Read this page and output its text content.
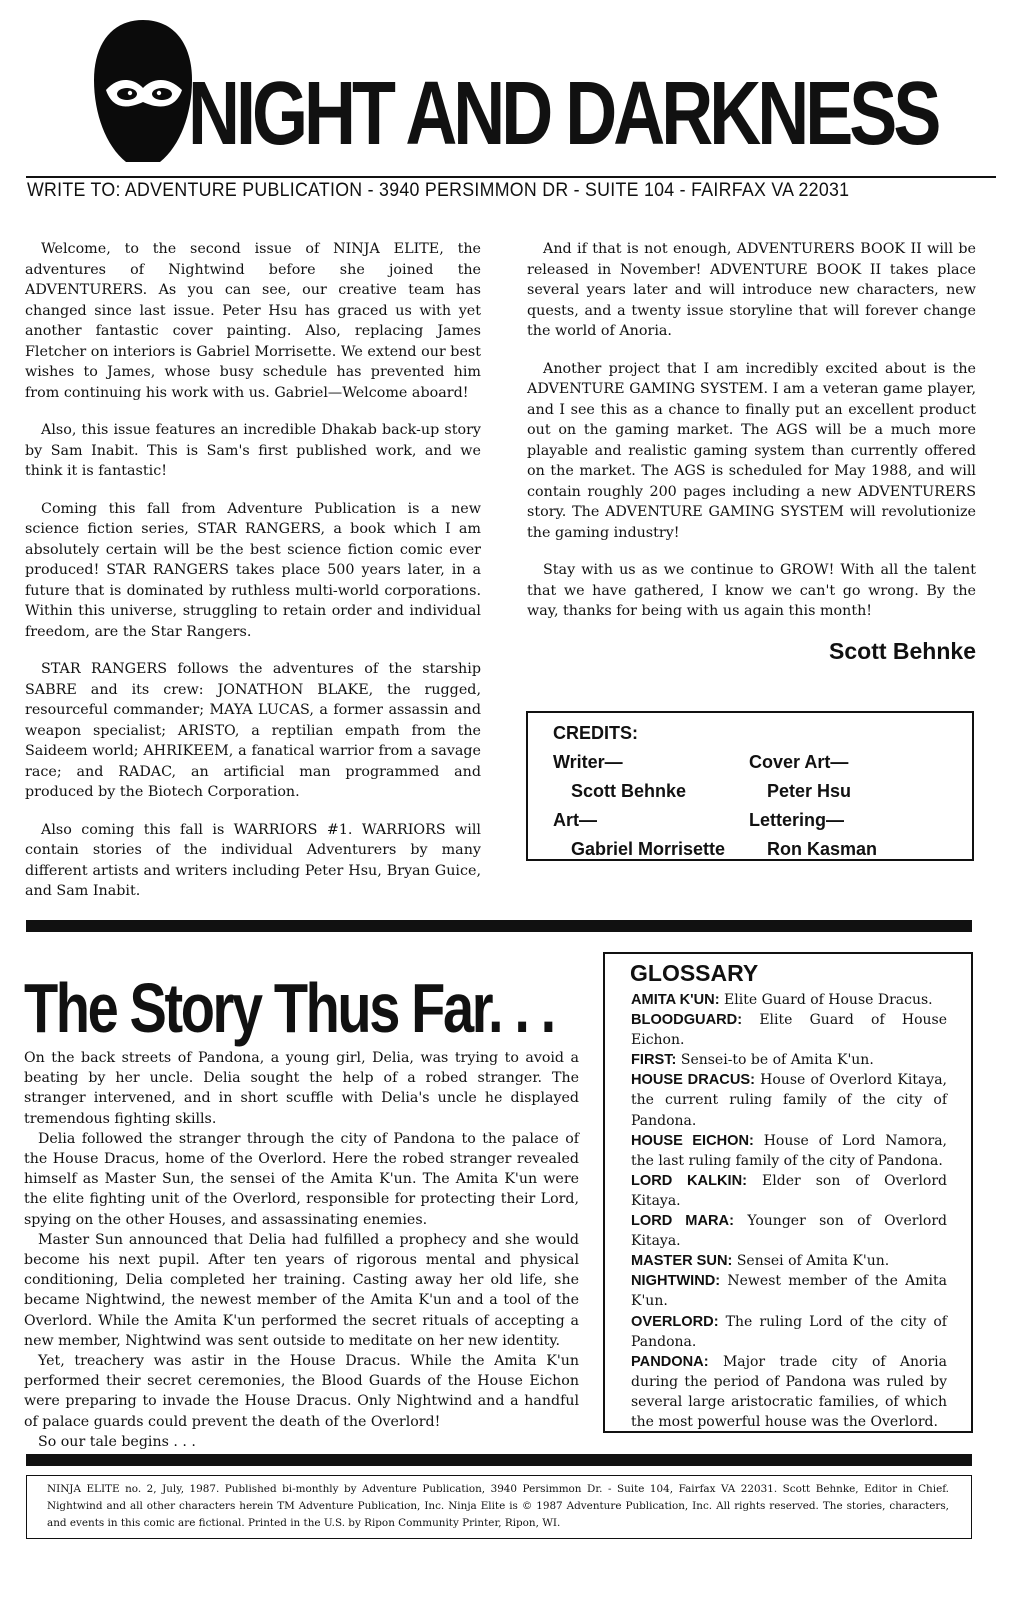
NIGHT AND DARKNESS
WRITE TO: ADVENTURE PUBLICATION - 3940 PERSIMMON DR - SUITE 104 - FAIRFAX VA 22031

Welcome, to the second issue of NINJA ELITE, the adventures of Nightwind before she joined the ADVENTURERS. As you can see, our creative team has changed since last issue. Peter Hsu has graced us with yet another fantastic cover painting. Also, replacing James Fletcher on interiors is Gabriel Morrisette. We extend our best wishes to James, whose busy schedule has prevented him from continuing his work with us. Gabriel—Welcome aboard!

Also, this issue features an incredible Dhakab back-up story by Sam Inabit. This is Sam's first published work, and we think it is fantastic!

Coming this fall from Adventure Publication is a new science fiction series, STAR RANGERS, a book which I am absolutely certain will be the best science fiction comic ever produced! STAR RANGERS takes place 500 years later, in a future that is dominated by ruthless multi-world corporations. Within this universe, struggling to retain order and individual freedom, are the Star Rangers.

STAR RANGERS follows the adventures of the starship SABRE and its crew: JONATHON BLAKE, the rugged, resourceful commander; MAYA LUCAS, a former assassin and weapon specialist; ARISTO, a reptilian empath from the Saideem world; AHRIKEEM, a fanatical warrior from a savage race; and RADAC, an artificial man programmed and produced by the Biotech Corporation.

Also coming this fall is WARRIORS #1. WARRIORS will contain stories of the individual Adventurers by many different artists and writers including Peter Hsu, Bryan Guice, and Sam Inabit.

And if that is not enough, ADVENTURERS BOOK II will be released in November! ADVENTURE BOOK II takes place several years later and will introduce new characters, new quests, and a twenty issue storyline that will forever change the world of Anoria.

Another project that I am incredibly excited about is the ADVENTURE GAMING SYSTEM. I am a veteran game player, and I see this as a chance to finally put an excellent product out on the gaming market. The AGS will be a much more playable and realistic gaming system than currently offered on the market. The AGS is scheduled for May 1988, and will contain roughly 200 pages including a new ADVENTURERS story. The ADVENTURE GAMING SYSTEM will revolutionize the gaming industry!

Stay with us as we continue to GROW! With all the talent that we have gathered, I know we can't go wrong. By the way, thanks for being with us again this month!

Scott Behnke
CREDITS:
Writer—
Scott Behnke
Art—
Gabriel Morrisette
Cover Art—
Peter Hsu
Lettering—
Ron Kasman
The Story Thus Far. . .

On the back streets of Pandona, a young girl, Delia, was trying to avoid a beating by her uncle. Delia sought the help of a robed stranger. The stranger intervened, and in short scuffle with Delia's uncle he displayed tremendous fighting skills.

Delia followed the stranger through the city of Pandona to the palace of the House Dracus, home of the Overlord. Here the robed stranger revealed himself as Master Sun, the sensei of the Amita K'un. The Amita K'un were the elite fighting unit of the Overlord, responsible for protecting their Lord, spying on the other Houses, and assassinating enemies.

Master Sun announced that Delia had fulfilled a prophecy and she would become his next pupil. After ten years of rigorous mental and physical conditioning, Delia completed her training. Casting away her old life, she became Nightwind, the newest member of the Amita K'un and a tool of the Overlord. While the Amita K'un performed the secret rituals of accepting a new member, Nightwind was sent outside to meditate on her new identity.

Yet, treachery was astir in the House Dracus. While the Amita K'un performed their secret ceremonies, the Blood Guards of the House Eichon were preparing to invade the House Dracus. Only Nightwind and a handful of palace guards could prevent the death of the Overlord!

So our tale begins . . .

GLOSSARY

AMITA K'UN: Elite Guard of House Dracus.

BLOODGUARD: Elite Guard of House Eichon.

FIRST: Sensei-to be of Amita K'un.

HOUSE DRACUS: House of Overlord Kitaya, the current ruling family of the city of Pandona.

HOUSE EICHON: House of Lord Namora, the last ruling family of the city of Pandona.

LORD KALKIN: Elder son of Overlord Kitaya.

LORD MARA: Younger son of Overlord Kitaya.

MASTER SUN: Sensei of Amita K'un.

NIGHTWIND: Newest member of the Amita K'un.

OVERLORD: The ruling Lord of the city of Pandona.

PANDONA: Major trade city of Anoria during the period of Pandona was ruled by several large aristocratic families, of which the most powerful house was the Overlord.

NINJA ELITE no. 2, July, 1987. Published bi-monthly by Adventure Publication, 3940 Persimmon Dr. - Suite 104, Fairfax VA 22031. Scott Behnke, Editor in Chief. Nightwind and all other characters herein TM Adventure Publication, Inc. Ninja Elite is © 1987 Adventure Publication, Inc. All rights reserved. The stories, characters, and events in this comic are fictional. Printed in the U.S. by Ripon Community Printer, Ripon, WI.
